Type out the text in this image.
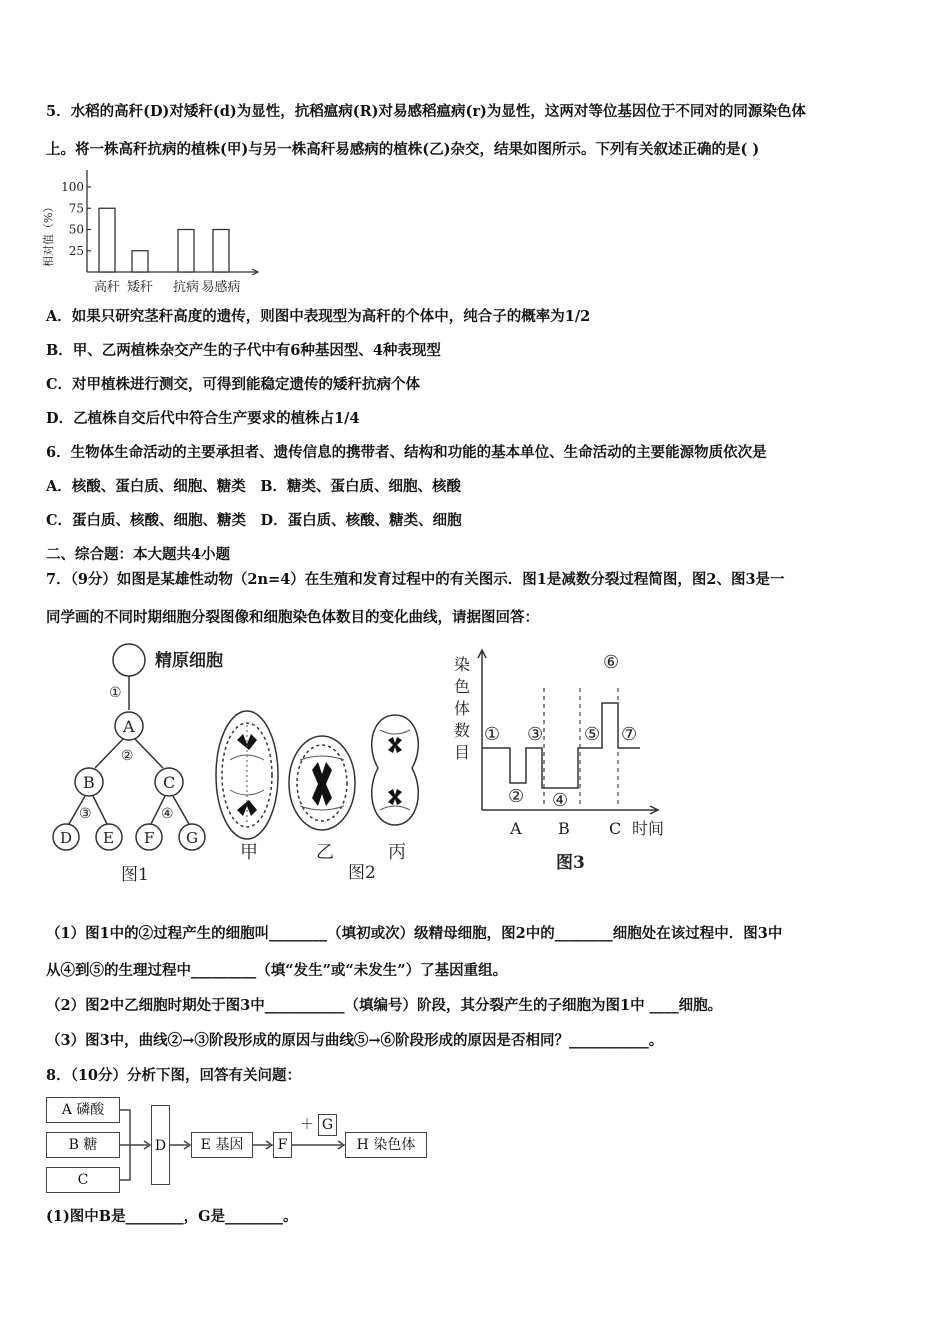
5．水稻的高秆(D)对矮秆(d)为显性，抗稻瘟病(R)对易感稻瘟病(r)为显性，这两对等位基因位于不同对的同源染色体
上。将一株高秆抗病的植株(甲)与另一株高秆易感病的植株(乙)杂交，结果如图所示。下列有关叙述正确的是( )
25
50
75
100
相对值（%）
高秆 矮秆 抗病 易感病
A．如果只研究茎秆高度的遗传，则图中表现型为高秆的个体中，纯合子的概率为1/2
B．甲、乙两植株杂交产生的子代中有6种基因型、4种表现型
C．对甲植株进行测交，可得到能稳定遗传的矮秆抗病个体
D．乙植株自交后代中符合生产要求的植株占1/4
6．生物体生命活动的主要承担者、遗传信息的携带者、结构和功能的基本单位、生命活动的主要能源物质依次是
A．核酸、蛋白质、细胞、糖类　B．糖类、蛋白质、细胞、核酸
C．蛋白质、核酸、细胞、糖类　D．蛋白质、核酸、糖类、细胞
二、综合题：本大题共4小题
7．（9分）如图是某雄性动物（2n=4）在生殖和发育过程中的有关图示．图1是减数分裂过程简图，图2、图3是一
同学画的不同时期细胞分裂图像和细胞染色体数目的变化曲线，请据图回答：
精原细胞
①
A
②
B	C
③	④
D E F G
图1
甲	乙	丙
图2
染
色
体
数
目
①
②
③
④
⑤
⑥
⑦
A B C 时间
图3
（1）图1中的②过程产生的细胞叫________（填初或次）级精母细胞，图2中的________细胞处在该过程中．图3中
从④到⑤的生理过程中_________（填“发生”或“未发生”）了基因重组。
（2）图2中乙细胞时期处于图3中___________（填编号）阶段，其分裂产生的子细胞为图1中 ____细胞。
（3）图3中，曲线②→③阶段形成的原因与曲线⑤→⑥阶段形成的原因是否相同？___________。
8．（10分）分析下图，回答有关问题：
A 磷酸
B 糖
C
D	E 基因	F
＋ G
H 染色体
(1)图中B是________，G是________。
